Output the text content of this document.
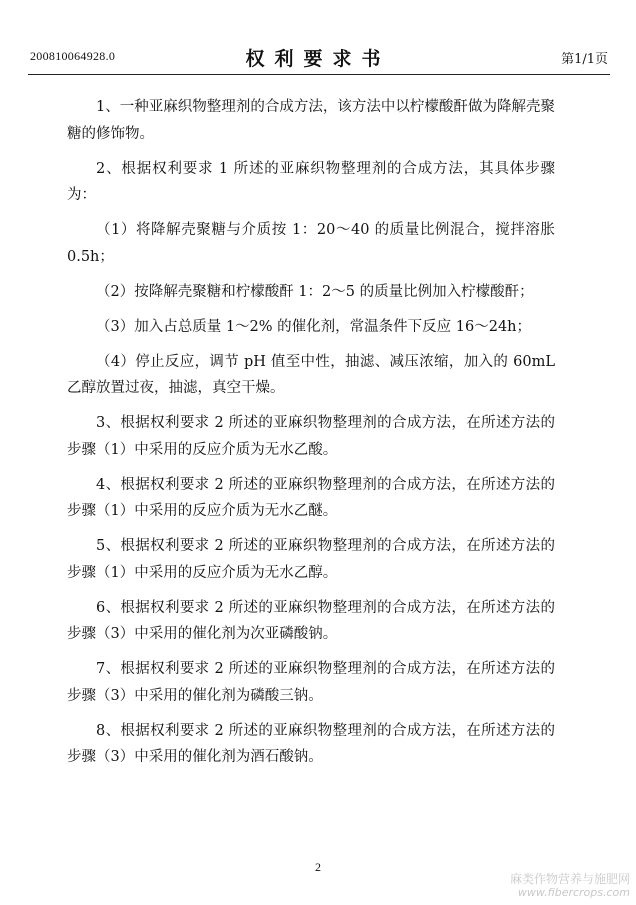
200810064928.0	权利要求书	第1/1页

1、一种亚麻织物整理剂的合成方法，该方法中以柠檬酸酐做为降解壳聚糖的修饰物。

2、根据权利要求 1 所述的亚麻织物整理剂的合成方法，其具体步骤为：

（1）将降解壳聚糖与介质按 1：20～40 的质量比例混合，搅拌溶胀 0.5h；

（2）按降解壳聚糖和柠檬酸酐 1：2～5 的质量比例加入柠檬酸酐；

（3）加入占总质量 1～2% 的催化剂，常温条件下反应 16～24h；

（4）停止反应，调节 pH 值至中性，抽滤、减压浓缩，加入的 60mL 乙醇放置过夜，抽滤，真空干燥。

3、根据权利要求 2 所述的亚麻织物整理剂的合成方法，在所述方法的步骤（1）中采用的反应介质为无水乙酸。

4、根据权利要求 2 所述的亚麻织物整理剂的合成方法，在所述方法的步骤（1）中采用的反应介质为无水乙醚。

5、根据权利要求 2 所述的亚麻织物整理剂的合成方法，在所述方法的步骤（1）中采用的反应介质为无水乙醇。

6、根据权利要求 2 所述的亚麻织物整理剂的合成方法，在所述方法的步骤（3）中采用的催化剂为次亚磷酸钠。

7、根据权利要求 2 所述的亚麻织物整理剂的合成方法，在所述方法的步骤（3）中采用的催化剂为磷酸三钠。

8、根据权利要求 2 所述的亚麻织物整理剂的合成方法，在所述方法的步骤（3）中采用的催化剂为酒石酸钠。

2
麻类作物营养与施肥网
www.fibercrops.com
